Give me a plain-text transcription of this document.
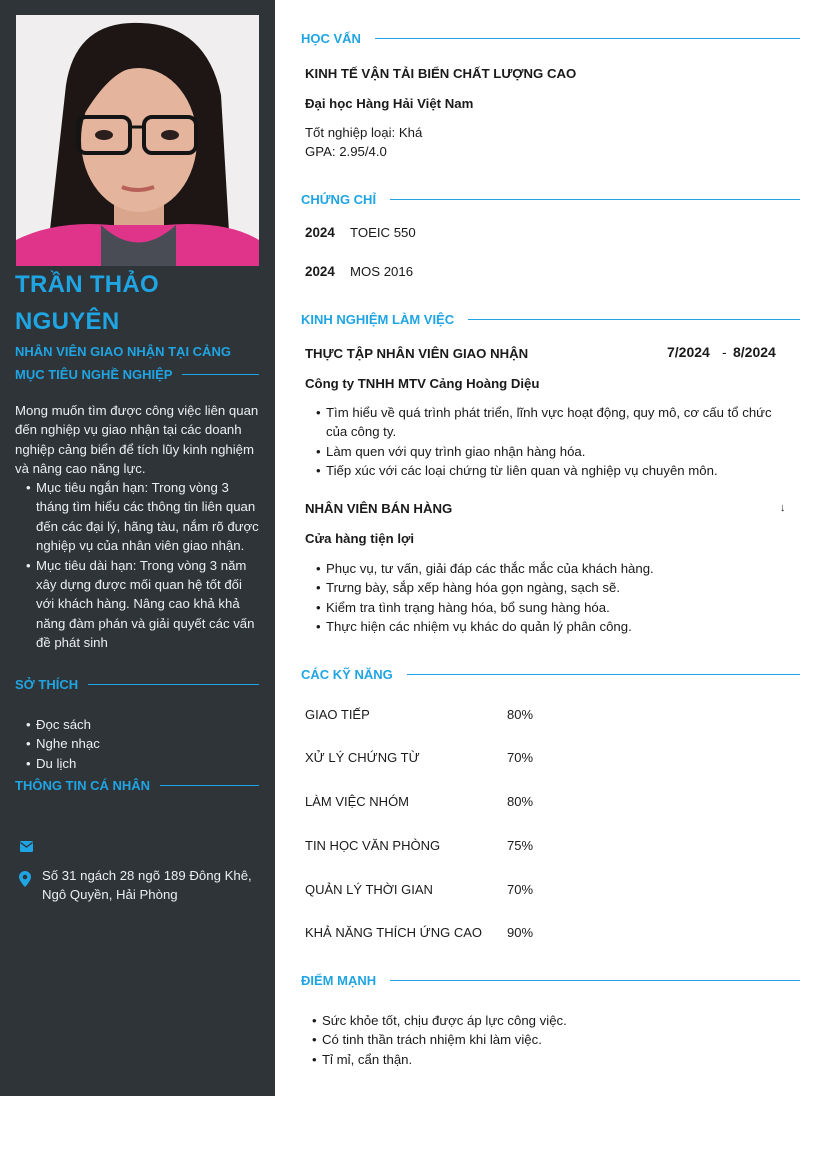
TRẦN THẢO
NGUYÊN
NHÂN VIÊN GIAO NHẬN TẠI CẢNG
MỤC TIÊU NGHỀ NGHIỆP
Mong muốn tìm được công việc liên quan đến nghiệp vụ giao nhận tại các doanh nghiệp cảng biển để tích lũy kinh nghiệm và nâng cao năng lực.
• Mục tiêu ngắn hạn: Trong vòng 3 tháng tìm hiểu các thông tin liên quan đến các đại lý, hãng tàu, nắm rõ được nghiệp vụ của nhân viên giao nhận.
• Mục tiêu dài hạn: Trong vòng 3 năm xây dựng được mối quan hệ tốt đối với khách hàng. Nâng cao khả khả năng đàm phán và giải quyết các vấn đề phát sinh
SỞ THÍCH
• Đọc sách
• Nghe nhạc
• Du lịch
THÔNG TIN CÁ NHÂN
Số 31 ngách 28 ngõ 189 Đông Khê, Ngô Quyền, Hải Phòng
HỌC VẤN
KINH TẾ VẬN TẢI BIỂN CHẤT LƯỢNG CAO
Đại học Hàng Hải Việt Nam
Tốt nghiệp loại: Khá
GPA: 2.95/4.0
CHỨNG CHỈ
2024 TOEIC 550
2024 MOS 2016
KINH NGHIỆM LÀM VIỆC
THỰC TẬP NHÂN VIÊN GIAO NHẬN	7/2024 - 8/2024
Công ty TNHH MTV Cảng Hoàng Diệu
• Tìm hiểu về quá trình phát triển, lĩnh vực hoạt động, quy mô, cơ cấu tổ chức của công ty.
• Làm quen với quy trình giao nhận hàng hóa.
• Tiếp xúc với các loại chứng từ liên quan và nghiệp vụ chuyên môn.
NHÂN VIÊN BÁN HÀNG	↓
Cửa hàng tiện lợi
• Phục vụ, tư vấn, giải đáp các thắc mắc của khách hàng.
• Trưng bày, sắp xếp hàng hóa gọn ngàng, sạch sẽ.
• Kiểm tra tình trạng hàng hóa, bổ sung hàng hóa.
• Thực hiện các nhiệm vụ khác do quản lý phân công.
CÁC KỸ NĂNG
GIAO TIẾP	80%
XỬ LÝ CHỨNG TỪ	70%
LÀM VIỆC NHÓM	80%
TIN HỌC VĂN PHÒNG	75%
QUẢN LÝ THỜI GIAN	70%
KHẢ NĂNG THÍCH ỨNG CAO 90%
ĐIỂM MẠNH
• Sức khỏe tốt, chịu được áp lực công việc.
• Có tinh thần trách nhiệm khi làm việc.
• Tỉ mỉ, cẩn thận.
